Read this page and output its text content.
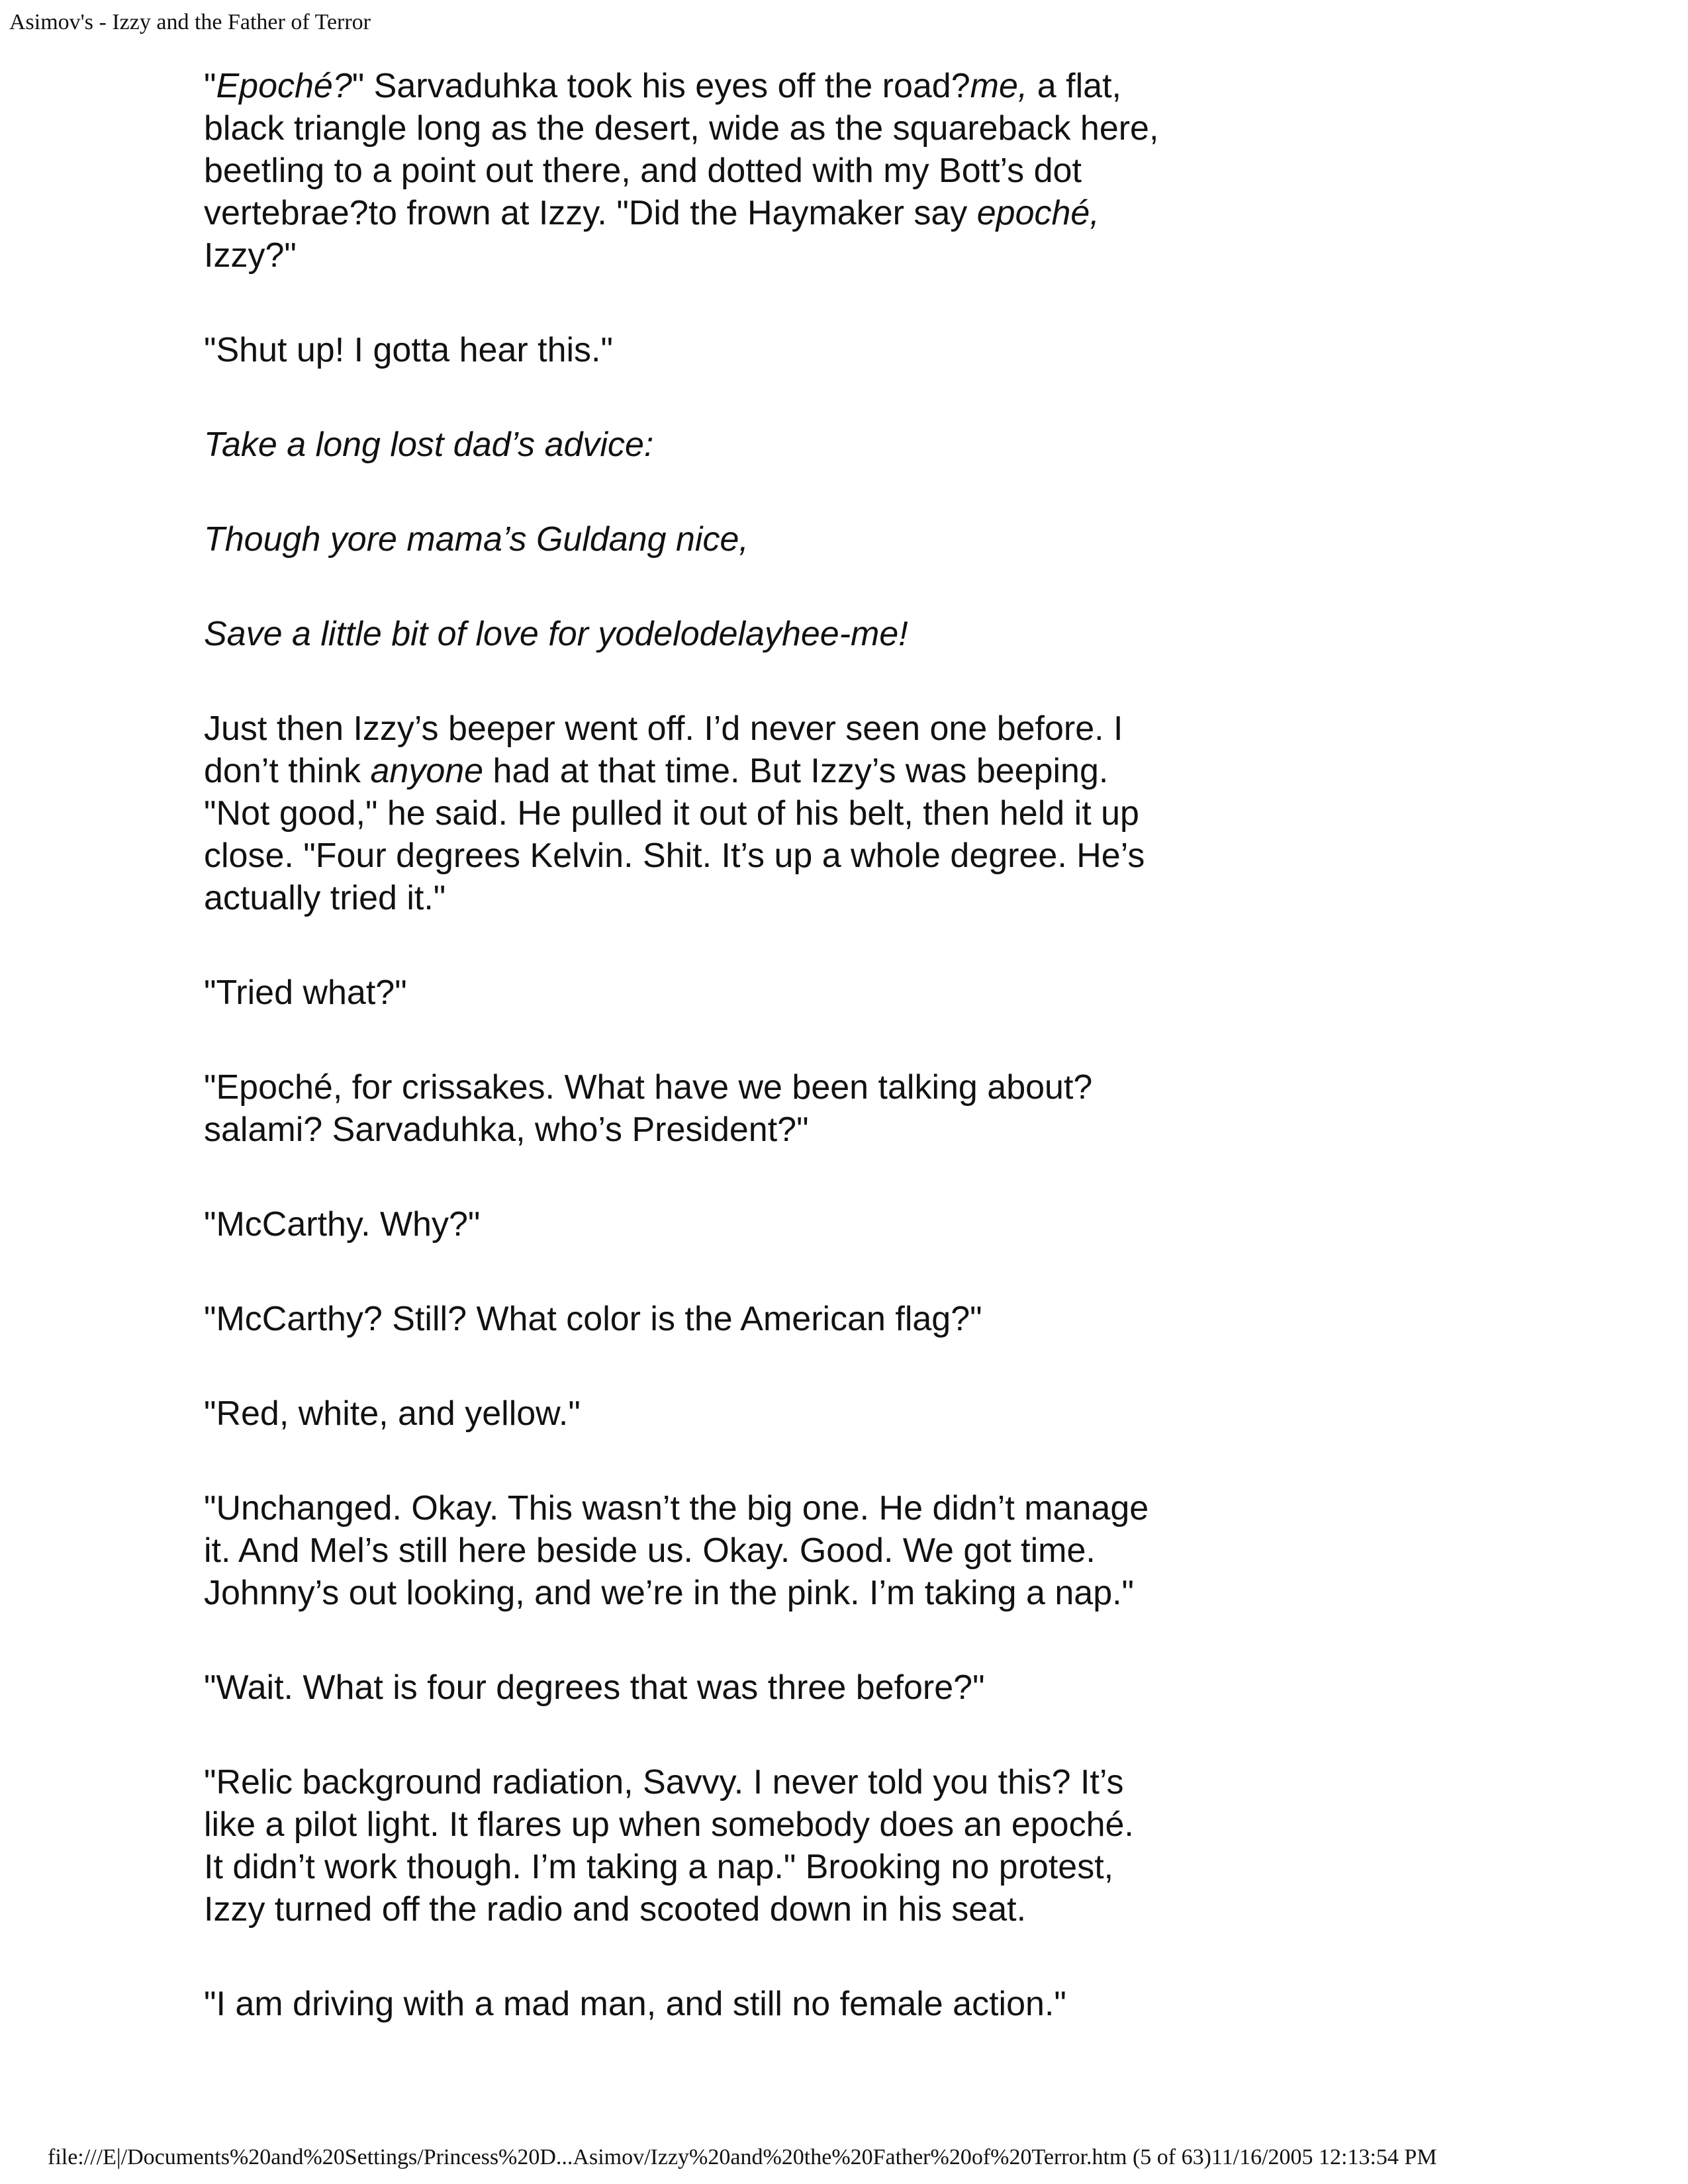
Asimov's - Izzy and the Father of Terror

"Epoché?" Sarvaduhka took his eyes off the road?me, a flat,
black triangle long as the desert, wide as the squareback here,
beetling to a point out there, and dotted with my Bott’s dot
vertebrae?to frown at Izzy. "Did the Haymaker say epoché,
Izzy?"

"Shut up! I gotta hear this."

Take a long lost dad’s advice:

Though yore mama’s Guldang nice,

Save a little bit of love for yodelodelayhee-me!

Just then Izzy’s beeper went off. I’d never seen one before. I
don’t think anyone had at that time. But Izzy’s was beeping.
"Not good," he said. He pulled it out of his belt, then held it up
close. "Four degrees Kelvin. Shit. It’s up a whole degree. He’s
actually tried it."

"Tried what?"

"Epoché, for crissakes. What have we been talking about?
salami? Sarvaduhka, who’s President?"

"McCarthy. Why?"

"McCarthy? Still? What color is the American flag?"

"Red, white, and yellow."

"Unchanged. Okay. This wasn’t the big one. He didn’t manage
it. And Mel’s still here beside us. Okay. Good. We got time.
Johnny’s out looking, and we’re in the pink. I’m taking a nap."

"Wait. What is four degrees that was three before?"

"Relic background radiation, Savvy. I never told you this? It’s
like a pilot light. It flares up when somebody does an epoché.
It didn’t work though. I’m taking a nap." Brooking no protest,
Izzy turned off the radio and scooted down in his seat.

"I am driving with a mad man, and still no female action."

file:///E|/Documents%20and%20Settings/Princess%20D...Asimov/Izzy%20and%20the%20Father%20of%20Terror.htm (5 of 63)11/16/2005 12:13:54 PM
